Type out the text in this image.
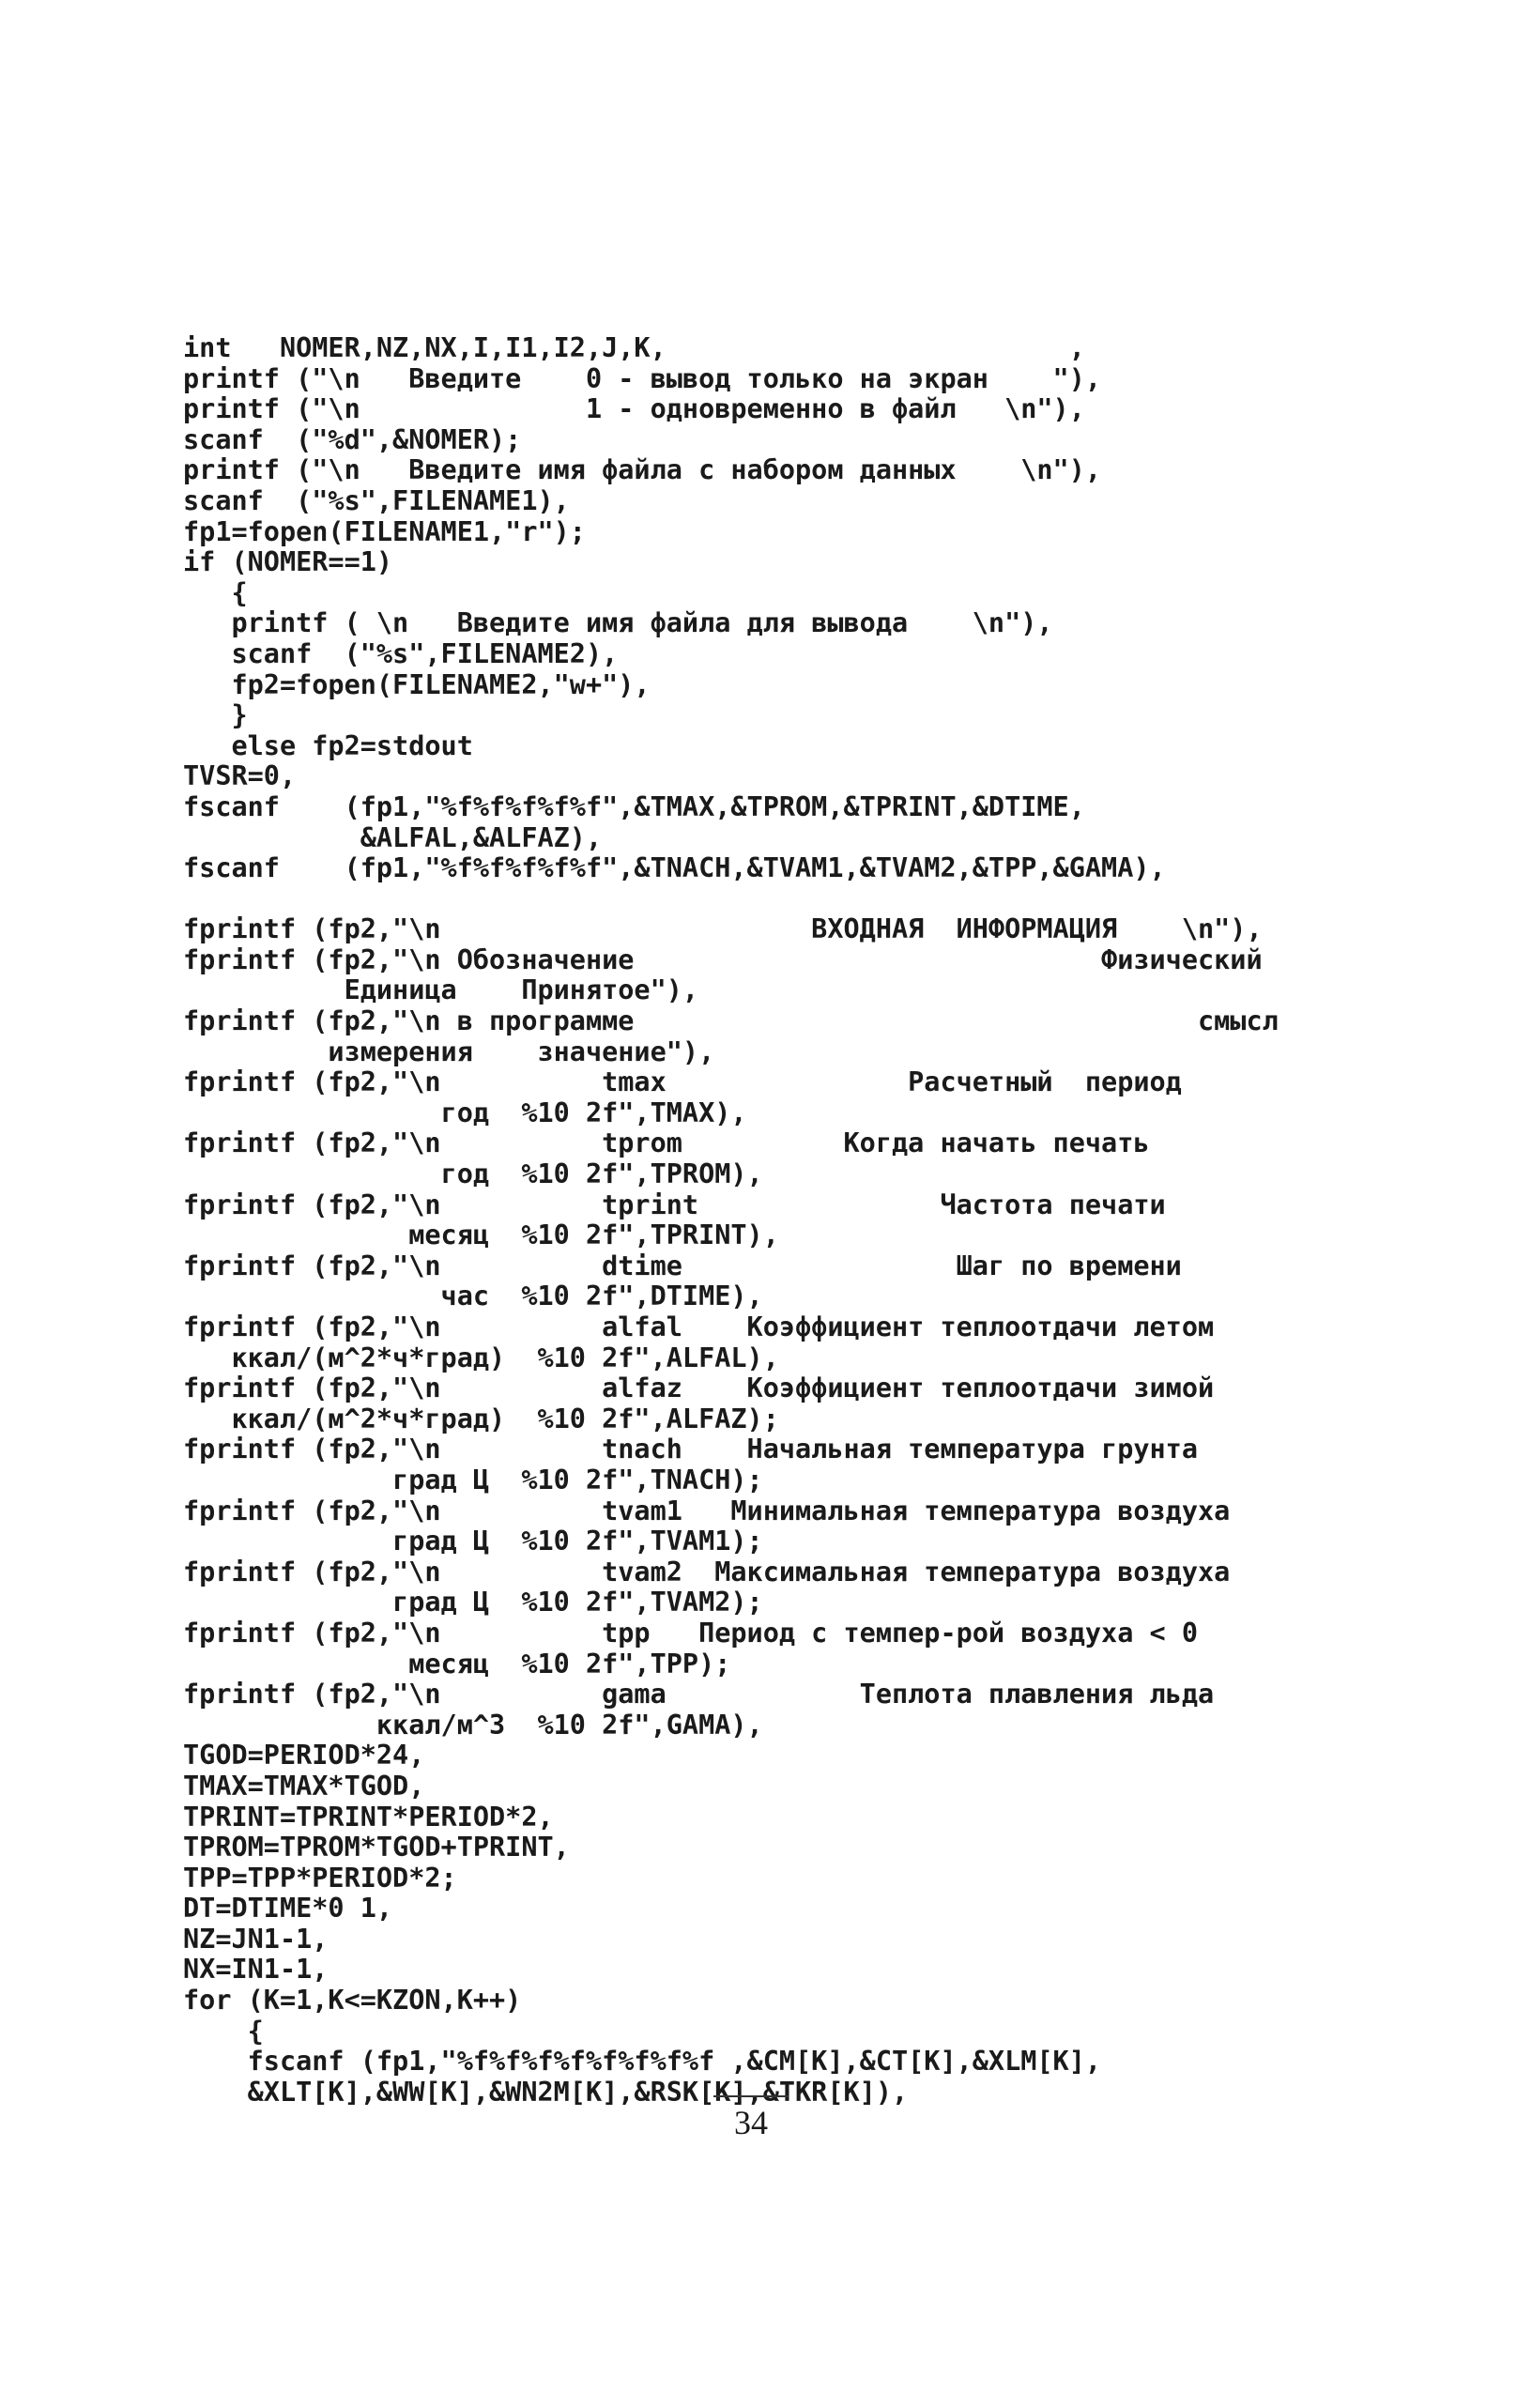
int   NOMER,NZ,NX,I,I1,I2,J,K,                         ,
printf ("\n   Введите    0 - вывод только на экран    "),
printf ("\n              1 - одновременно в файл   \n"),
scanf  ("%d",&NOMER);
printf ("\n   Введите имя файла с набором данных    \n"),
scanf  ("%s",FILENAME1),
fp1=fopen(FILENAME1,"r");
if (NOMER==1)
{
printf ( \n   Введите имя файла для вывода    \n"),
scanf  ("%s",FILENAME2),
fp2=fopen(FILENAME2,"w+"),
}
else fp2=stdout
TVSR=0,
fscanf    (fp1,"%f%f%f%f%f",&TMAX,&TPROM,&TPRINT,&DTIME,
&ALFAL,&ALFAZ),
fscanf    (fp1,"%f%f%f%f%f",&TNACH,&TVAM1,&TVAM2,&TPP,&GAMA),
fprintf (fp2,"\n                       ВХОДНАЯ  ИНФОРМАЦИЯ    \n"),
fprintf (fp2,"\n Обозначение                             Физический
Единица    Принятое"),
fprintf (fp2,"\n в программе                                   смысл
измерения    значение"),
fprintf (fp2,"\n          tmax               Расчетный  период
год  %10 2f",TMAX),
fprintf (fp2,"\n          tprom          Когда начать печать
год  %10 2f",TPROM),
fprintf (fp2,"\n          tprint               Частота печати
месяц  %10 2f",TPRINT),
fprintf (fp2,"\n          dtime                 Шаг по времени
час  %10 2f",DTIME),
fprintf (fp2,"\n          alfal    Коэффициент теплоотдачи летом
ккал/(м^2*ч*град)  %10 2f",ALFAL),
fprintf (fp2,"\n          alfaz    Коэффициент теплоотдачи зимой
ккал/(м^2*ч*град)  %10 2f",ALFAZ);
fprintf (fp2,"\n          tnach    Начальная температура грунта
град Ц  %10 2f",TNACH);
fprintf (fp2,"\n          tvam1   Минимальная температура воздуха
град Ц  %10 2f",TVAM1);
fprintf (fp2,"\n          tvam2  Максимальная температура воздуха
град Ц  %10 2f",TVAM2);
fprintf (fp2,"\n          tpp   Период с темпер-рой воздуха < 0
месяц  %10 2f",TPP);
fprintf (fp2,"\n          gama            Теплота плавления льда
ккал/м^3  %10 2f",GAMA),
TGOD=PERIOD*24,
TMAX=TMAX*TGOD,
TPRINT=TPRINT*PERIOD*2,
TPROM=TPROM*TGOD+TPRINT,
TPP=TPP*PERIOD*2;
DT=DTIME*0 1,
NZ=JN1-1,
NX=IN1-1,
for (K=1,K<=KZON,K++)
{
fscanf (fp1,"%f%f%f%f%f%f%f%f ,&CM[K],&CT[K],&XLM[K],
&XLT[K],&WW[K],&WN2M[K],&RSK[K],&TKR[K]),
34
